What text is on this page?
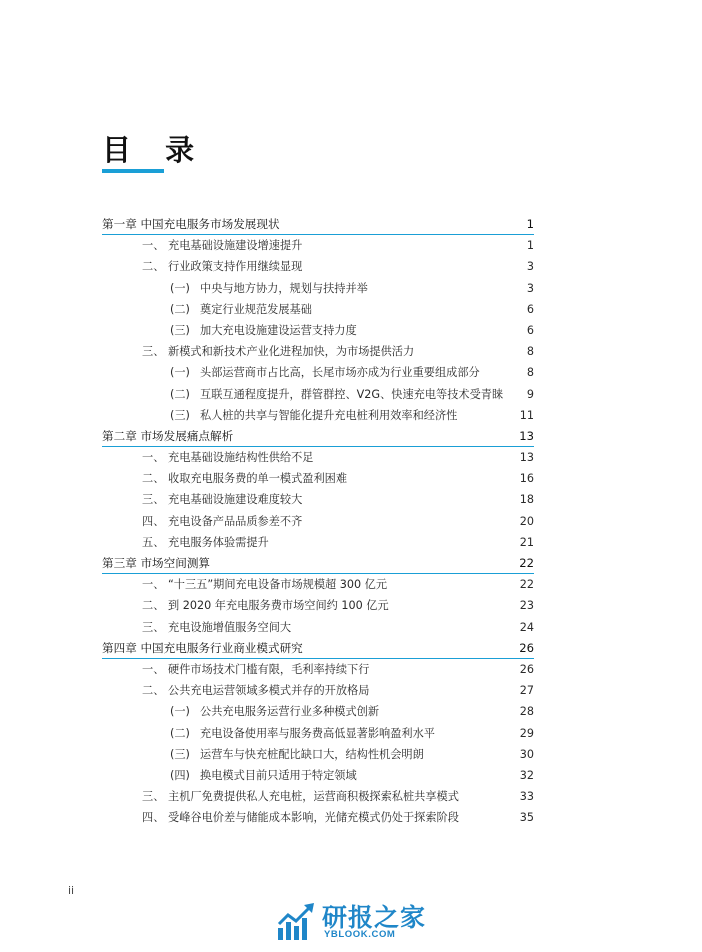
目 录
第一章 中国充电服务市场发展现状	1
一、 充电基础设施建设增速提升	1
二、 行业政策支持作用继续显现	3
(一) 中央与地方协力，规划与扶持并举	3
(二) 奠定行业规范发展基础	6
(三) 加大充电设施建设运营支持力度	6
三、 新模式和新技术产业化进程加快，为市场提供活力	8
(一) 头部运营商市占比高，长尾市场亦成为行业重要组成部分	8
(二) 互联互通程度提升，群管群控、V2G、快速充电等技术受青睐 9
(三) 私人桩的共享与智能化提升充电桩利用效率和经济性	11
第二章 市场发展痛点解析	13
一、 充电基础设施结构性供给不足	13
二、 收取充电服务费的单一模式盈利困难	16
三、 充电基础设施建设难度较大	18
四、 充电设备产品品质参差不齐	20
五、 充电服务体验需提升	21
第三章 市场空间测算	22
一、 “十三五”期间充电设备市场规模超 300 亿元	22
二、 到 2020 年充电服务费市场空间约 100 亿元	23
三、 充电设施增值服务空间大	24
第四章 中国充电服务行业商业模式研究	26
一、 硬件市场技术门槛有限，毛利率持续下行	26
二、 公共充电运营领域多模式并存的开放格局	27
(一) 公共充电服务运营行业多种模式创新	28
(二) 充电设备使用率与服务费高低显著影响盈利水平	29
(三) 运营车与快充桩配比缺口大，结构性机会明朗	30
(四) 换电模式目前只适用于特定领域	32
三、 主机厂免费提供私人充电桩，运营商积极探索私桩共享模式	33
四、 受峰谷电价差与储能成本影响，光储充模式仍处于探索阶段	35
ii
研报之家
YBLOOK.COM
